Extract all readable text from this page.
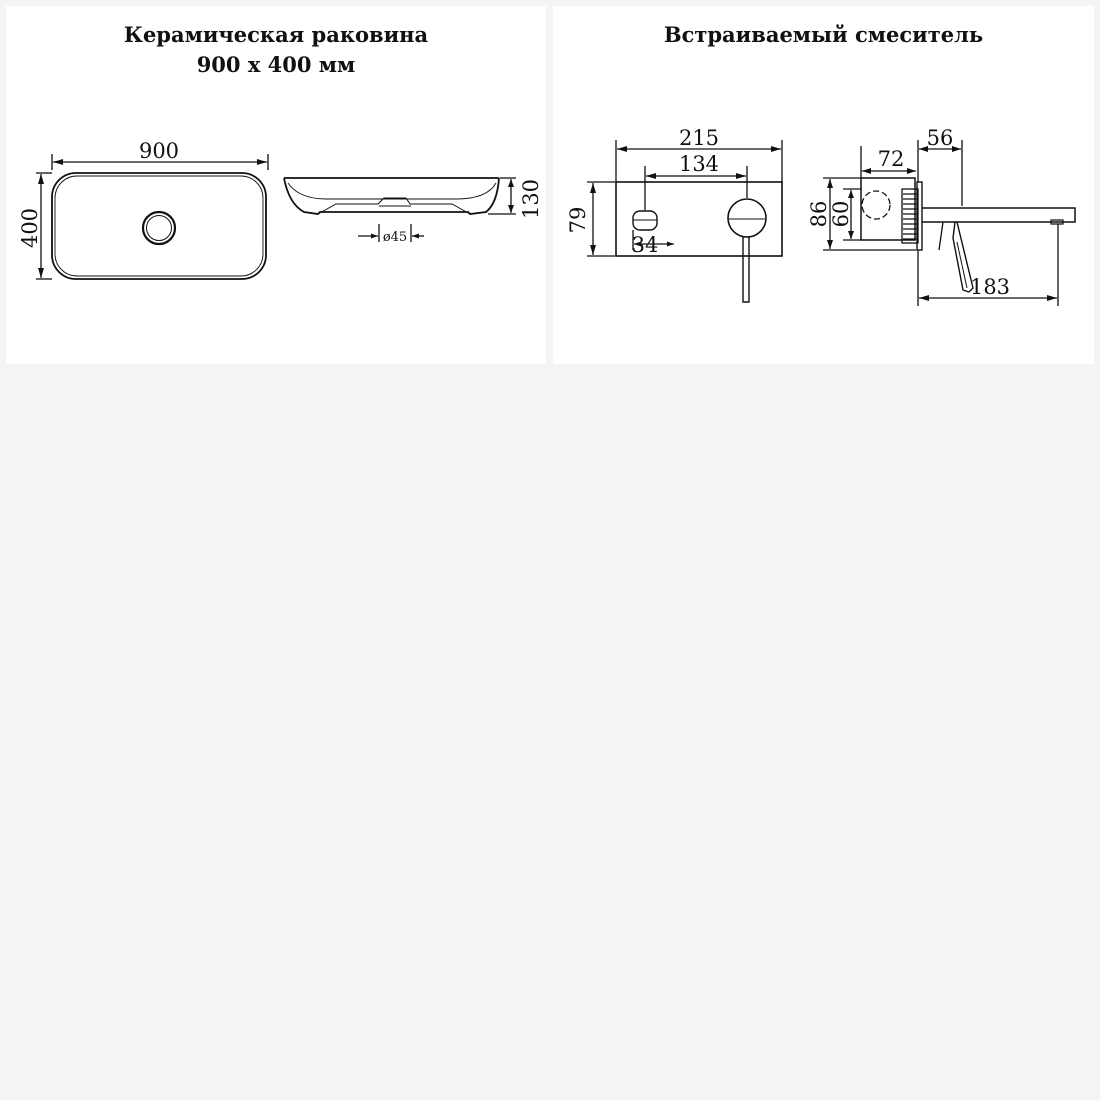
Керамическая раковина
900 х 400 мм
900
400
130
ø45
Встраиваемый смеситель
215
134
79
34
56
72
86
60
183
